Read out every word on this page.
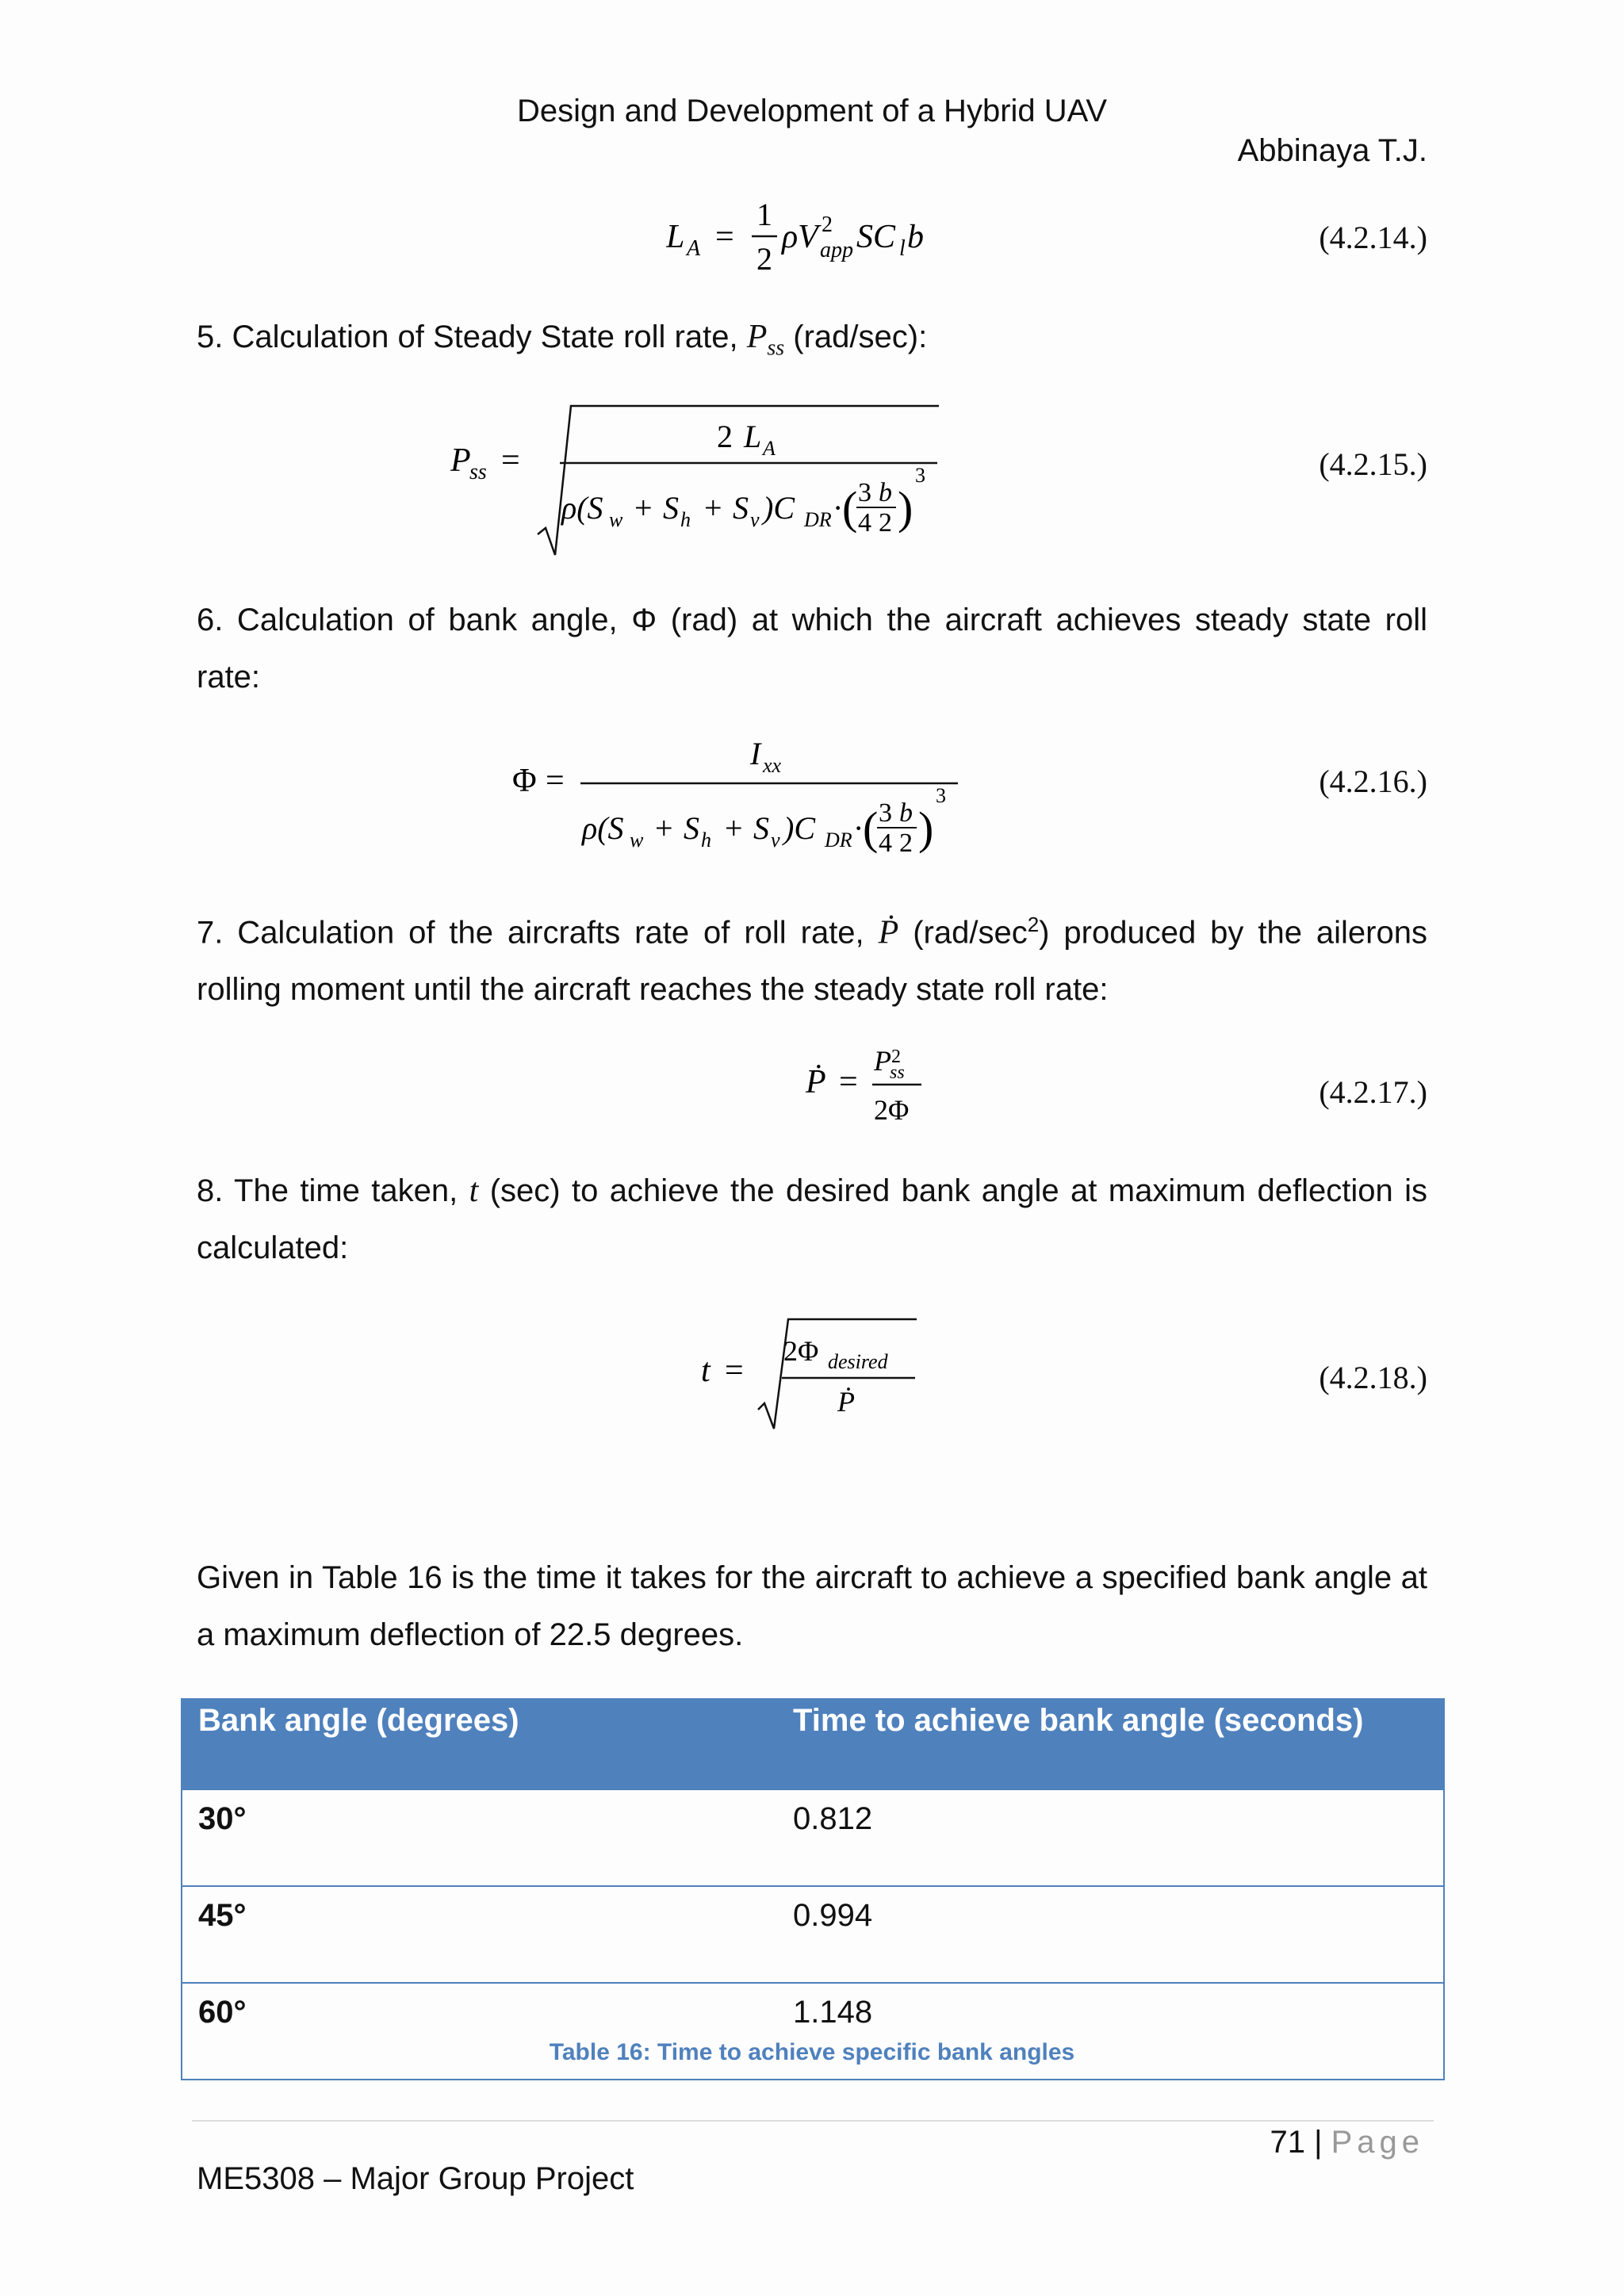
Design and Development of a Hybrid UAV
Abbinaya T.J.
L A =
1
2
ρV 2
app SC l b	(4.2.14.)
5. Calculation of Steady State roll rate, $P_{ss}$ (rad/sec):
P
ss =
2 L A
ρ(S w + S h + S v )C DR ·
( 3 b
4 2 )
3	(4.2.15.)
6. Calculation of bank angle, Φ (rad) at which the aircraft achieves steady state roll rate:
Φ =
I xx
ρ(S w + S h + S v )C DR ·
( 3 b
4 2 )
3	(4.2.16.)
7. Calculation of the aircrafts rate of roll rate, Ṗ $(rad/\sec^2)$ produced by the ailerons rolling moment until the aircraft reaches the steady state roll rate:
Ṗ =
P 2
ss
2Φ	(4.2.17.)
8. The time taken, t (sec) to achieve the desired bank angle at maximum deflection is calculated:
t =
2Φ desired
Ṗ
(4.2.18.)
Given in Table 16 is the time it takes for the aircraft to achieve a specified bank angle at a maximum deflection of 22.5 degrees.
Bank angle (degrees)	Time to achieve bank angle (seconds)
30°	0.812
45°	0.994
60°	1.148
Table 16: Time to achieve specific bank angles
71 | Page
ME5308 – Major Group Project
